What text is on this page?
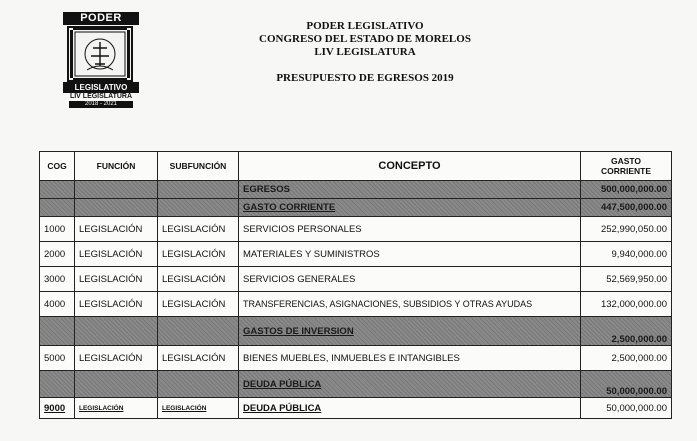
PODER
LEGISLATIVO
LIV LEGISLATURA
2018 - 2021

PODER LEGISLATIVO

CONGRESO DEL ESTADO DE MORELOS

LIV LEGISLATURA

PRESUPUESTO DE EGRESOS 2019

COG	FUNCIÓN	SUBFUNCIÓN	CONCEPTO	GASTO CORRIENTE
			EGRESOS	500,000,000.00
			GASTO CORRIENTE	447,500,000.00
1000	LEGISLACIÓN	LEGISLACIÓN	SERVICIOS PERSONALES	252,990,050.00
2000	LEGISLACIÓN	LEGISLACIÓN	MATERIALES Y SUMINISTROS	9,940,000.00
3000	LEGISLACIÓN	LEGISLACIÓN	SERVICIOS GENERALES	52,569,950.00
4000	LEGISLACIÓN	LEGISLACIÓN	TRANSFERENCIAS, ASIGNACIONES, SUBSIDIOS Y OTRAS AYUDAS	132,000,000.00
			GASTOS DE INVERSION	2,500,000.00
5000	LEGISLACIÓN	LEGISLACIÓN	BIENES MUEBLES, INMUEBLES E INTANGIBLES	2,500,000.00
			DEUDA PÚBLICA	50,000,000.00
9000	LEGISLACIÓN	LEGISLACIÓN	DEUDA PÚBLICA	50,000,000.00
